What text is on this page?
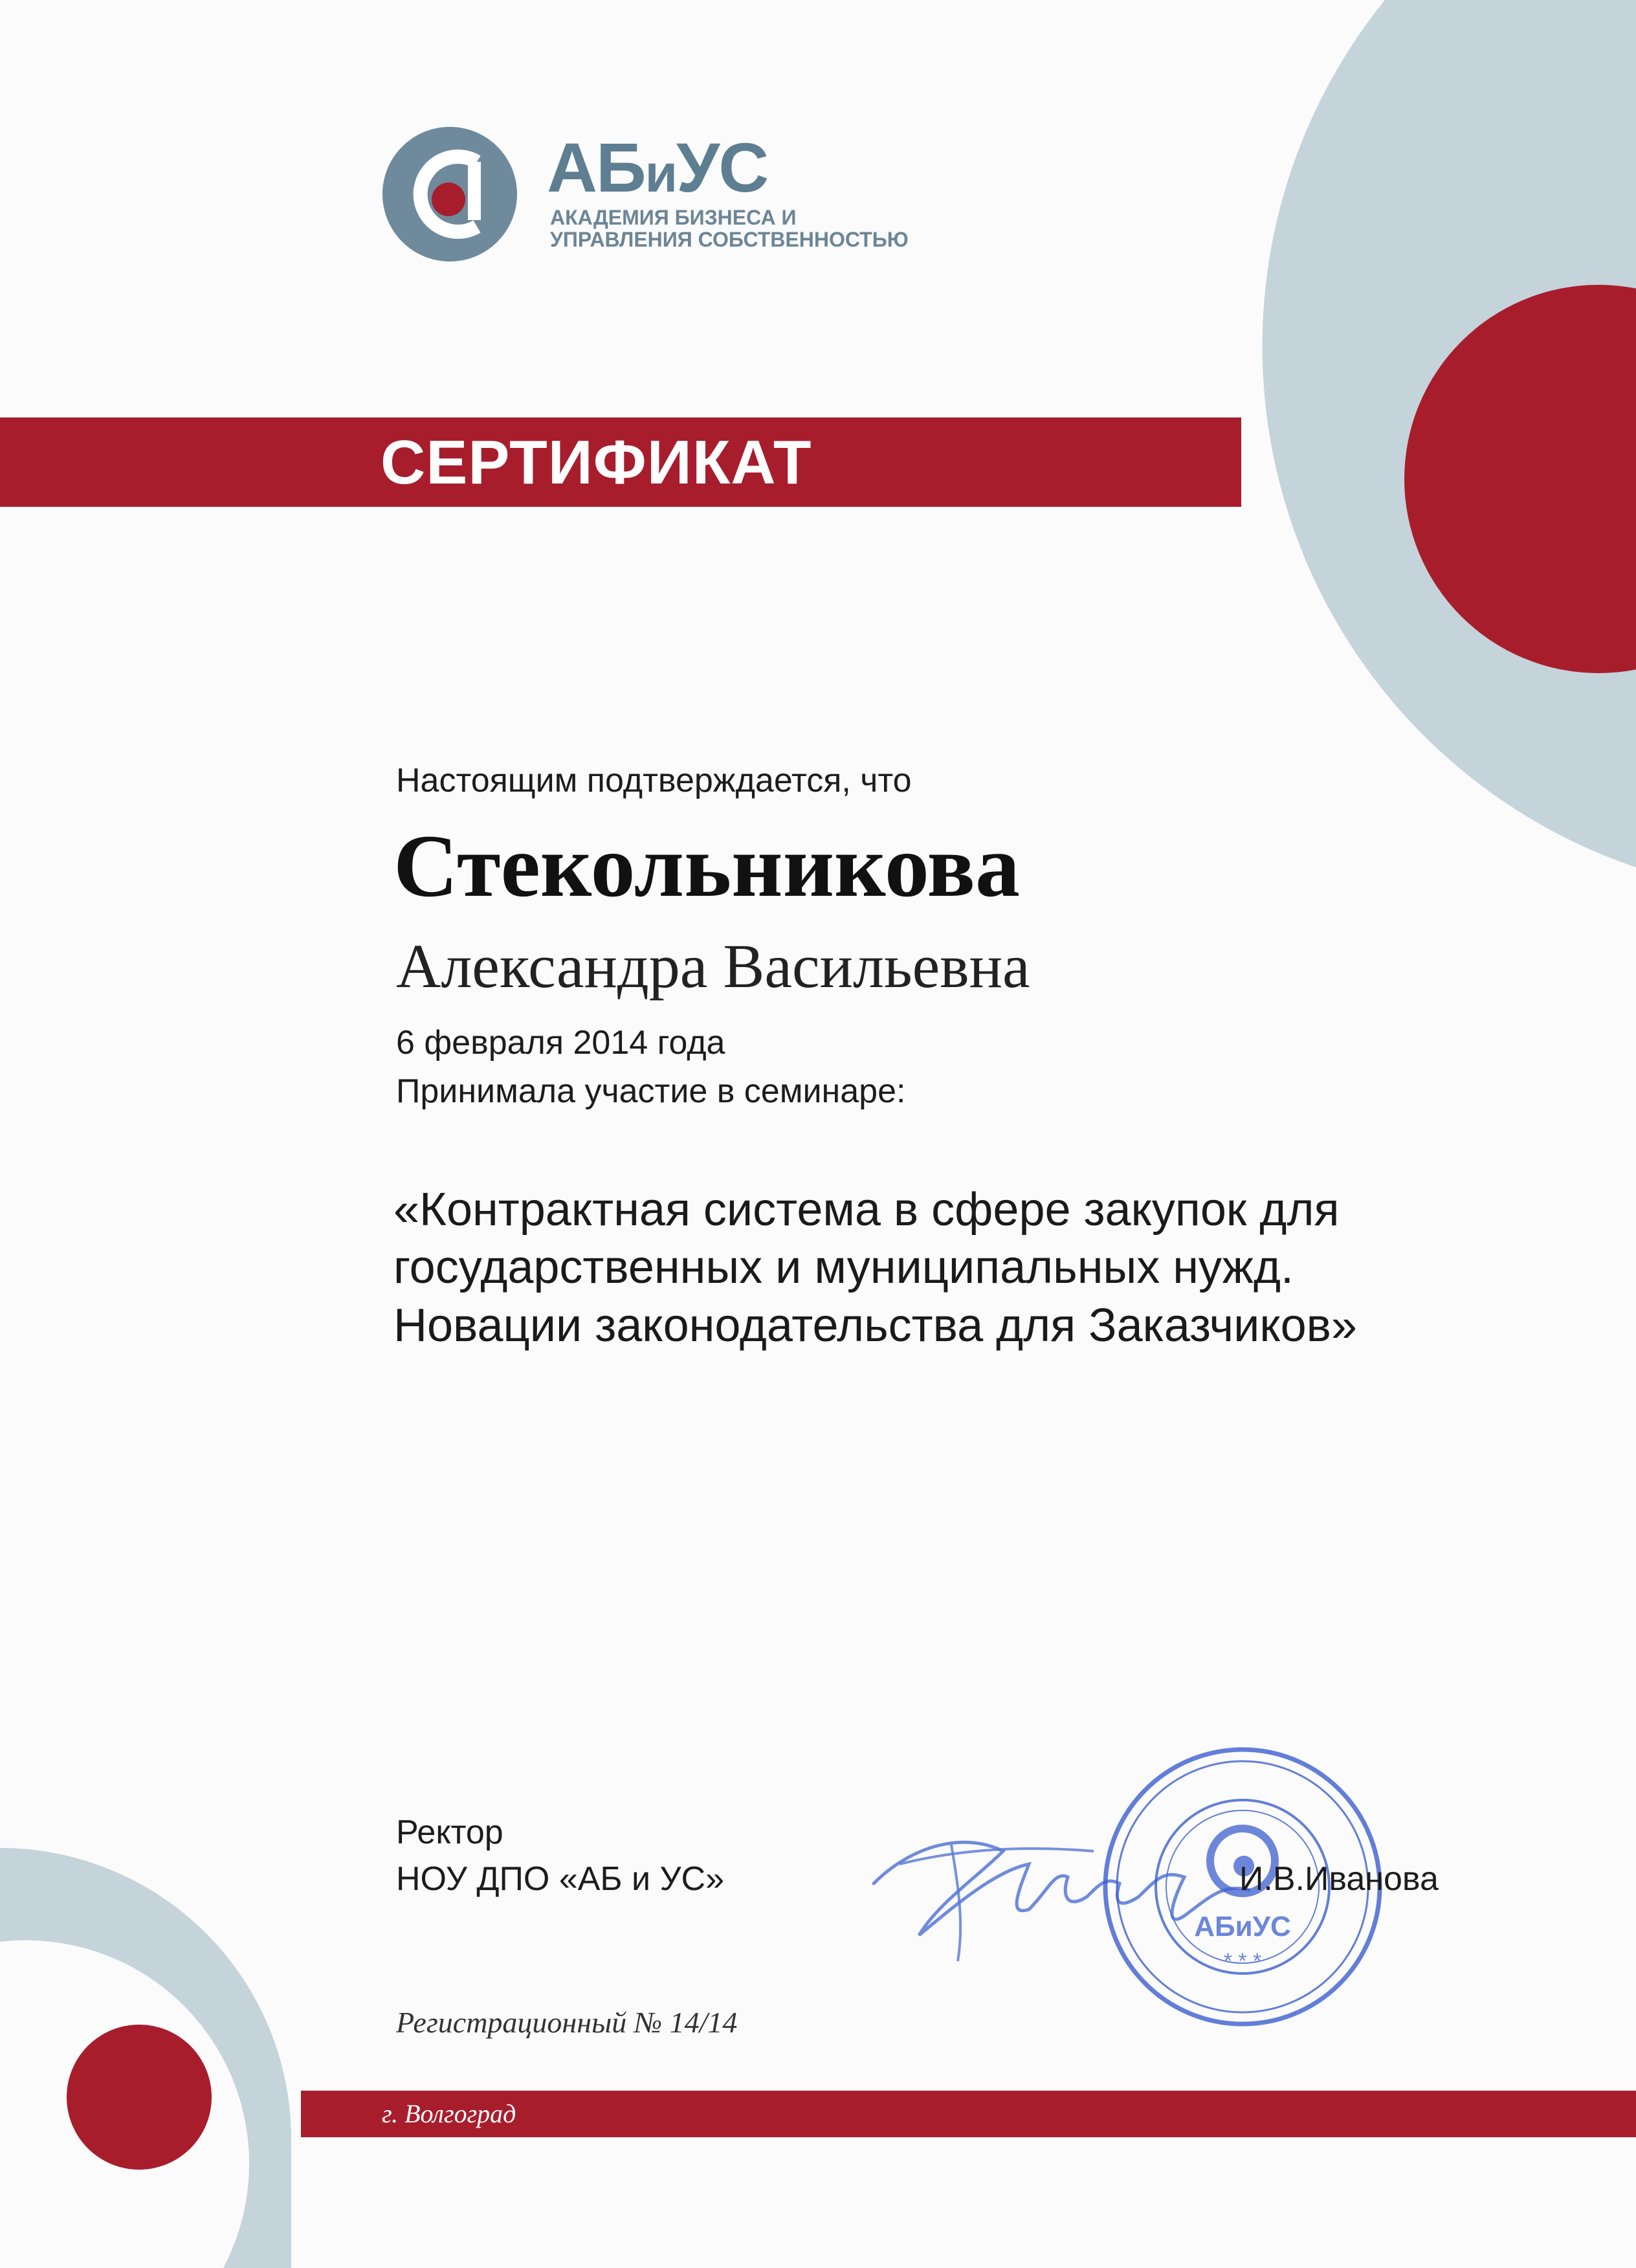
АБиУС
АКАДЕМИЯ БИЗНЕСА И
УПРАВЛЕНИЯ СОБСТВЕННОСТЬЮ
СЕРТИФИКАТ
Настоящим подтверждается, что
Стекольникова
Александра Васильевна
6 февраля 2014 года
Принимала участие в семинаре:
«Контрактная система в сфере закупок для государственных и муниципальных нужд. Новации законодательства для Заказчиков»
Ректор
НОУ ДПО «АБ и УС»
АБиУС
* * *
И.В.Иванова
Регистрационный № 14/14
г. Волгоград
